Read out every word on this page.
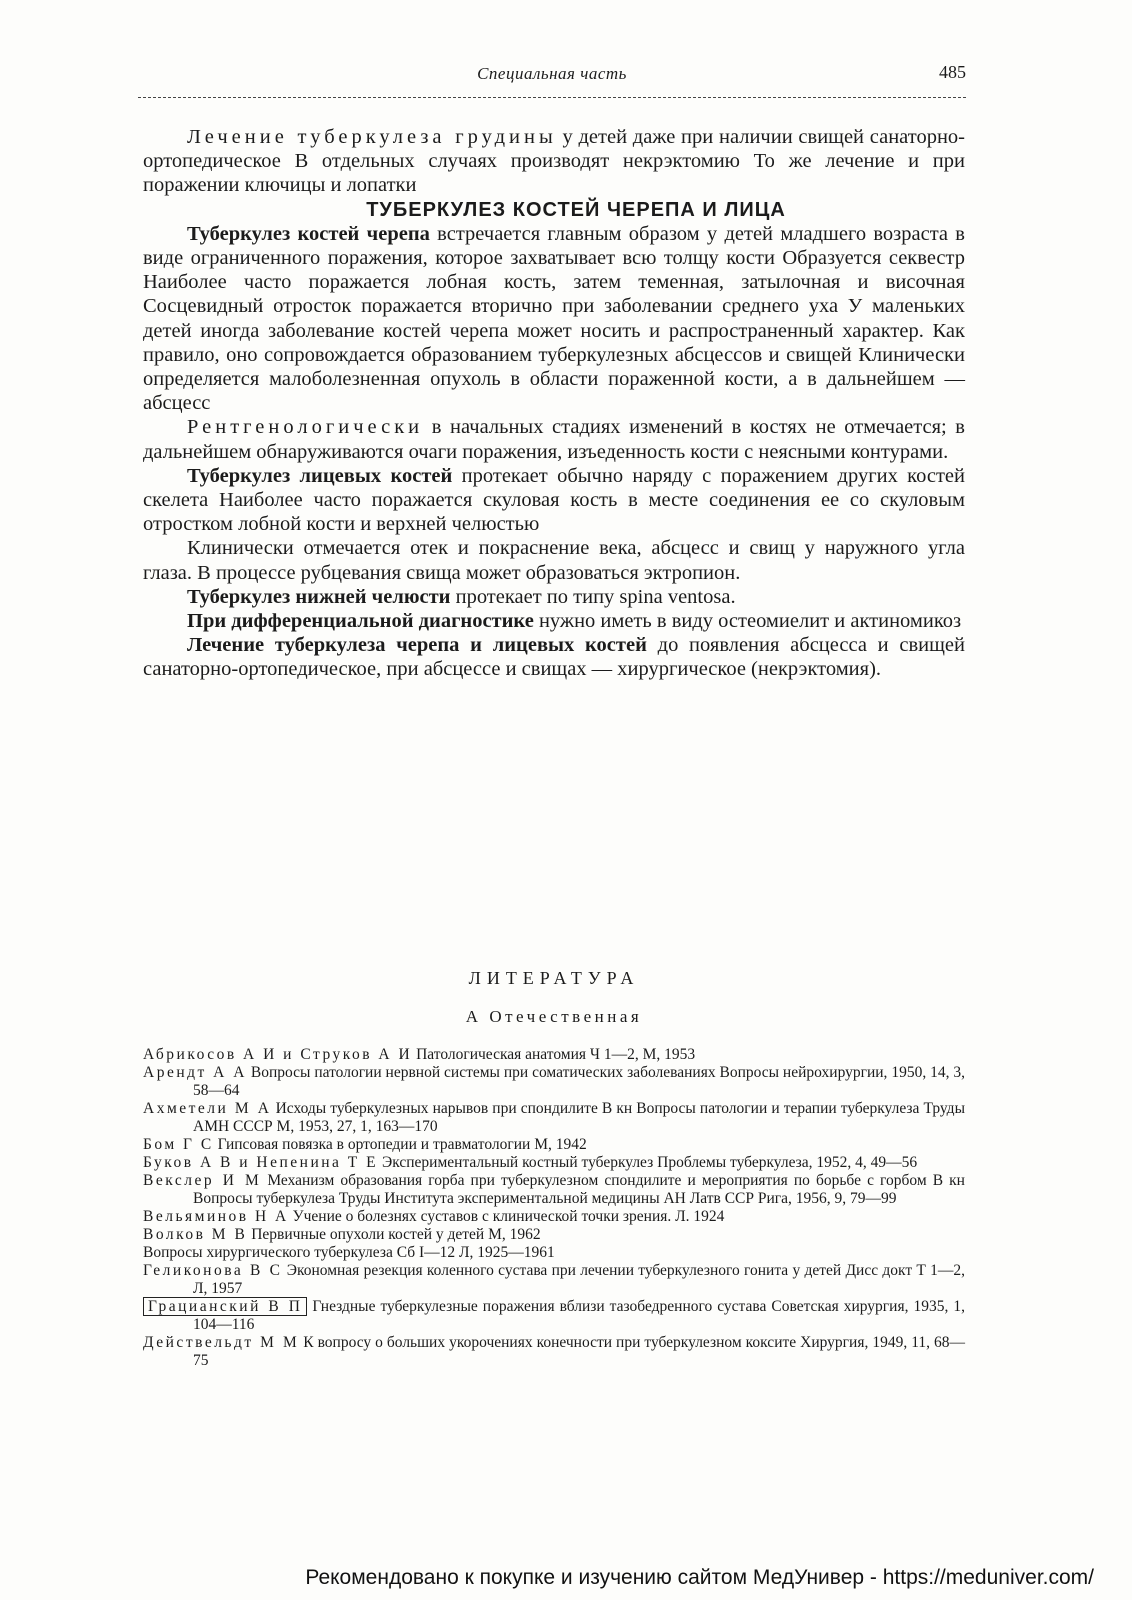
Специальная часть	485

Лечение туберкулеза грудины у детей даже при наличии свищей санаторно-ортопедическое В отдельных случаях производят некрэктомию То же лечение и при поражении ключицы и лопатки

ТУБЕРКУЛЕЗ КОСТЕЙ ЧЕРЕПА И ЛИЦА

Туберкулез костей черепа встречается главным образом у детей младшего возраста в виде ограниченного поражения, которое захватывает всю толщу кости Образуется секвестр Наиболее часто поражается лобная кость, затем теменная, затылочная и височная Сосцевидный отросток поражается вторично при заболевании среднего уха У маленьких детей иногда заболевание костей черепа может носить и распространенный характер. Как правило, оно сопровождается образованием туберкулезных абсцессов и свищей Клинически определяется малоболезненная опухоль в области пораженной кости, а в дальнейшем — абсцесс

Рентгенологически в начальных стадиях изменений в костях не отмечается; в дальнейшем обнаруживаются очаги поражения, изъеденность кости с неясными контурами.

Туберкулез лицевых костей протекает обычно наряду с поражением других костей скелета Наиболее часто поражается скуловая кость в месте соединения ее со скуловым отростком лобной кости и верхней челюстью

Клинически отмечается отек и покраснение века, абсцесс и свищ у наружного угла глаза. В процессе рубцевания свища может образоваться эктропион.

Туберкулез нижней челюсти протекает по типу spina ventosa.

При дифференциальной диагностике нужно иметь в виду остеомиелит и актиномикоз

Лечение туберкулеза черепа и лицевых костей до появления абсцесса и свищей санаторно-ортопедическое, при абсцессе и свищах — хирургическое (некрэктомия).

ЛИТЕРАТУРА
А Отечественная
Абрикосов А И и Струков А И Патологическая анатомия Ч 1—2, М, 1953
Арендт А А Вопросы патологии нервной системы при соматических заболеваниях Вопросы нейрохирургии, 1950, 14, 3, 58—64
Ахметели М А Исходы туберкулезных нарывов при спондилите В кн Вопросы патологии и терапии туберкулеза Труды АМН СССР М, 1953, 27, 1, 163—170
Бом Г С Гипсовая повязка в ортопедии и травматологии М, 1942
Буков А В и Непенина Т Е Экспериментальный костный туберкулез Проблемы туберкулеза, 1952, 4, 49—56
Векслер И М Механизм образования горба при туберкулезном спондилите и мероприятия по борьбе с горбом В кн Вопросы туберкулеза Труды Института экспериментальной медицины АН Латв ССР Рига, 1956, 9, 79—99
Вельяминов Н А Учение о болезнях суставов с клинической точки зрения. Л. 1924
Волков М В Первичные опухоли костей у детей М, 1962
Вопросы хирургического туберкулеза Сб I—12 Л, 1925—1961
Геликонова В С Экономная резекция коленного сустава при лечении туберкулезного гонита у детей Дисс докт Т 1—2, Л, 1957
Грацианский В П Гнездные туберкулезные поражения вблизи тазобедренного сустава Советская хирургия, 1935, 1, 104—116
Действельдт М М К вопросу о больших укорочениях конечности при туберкулезном коксите Хирургия, 1949, 11, 68—75
Рекомендовано к покупке и изучению сайтом МедУнивер - https://meduniver.com/
